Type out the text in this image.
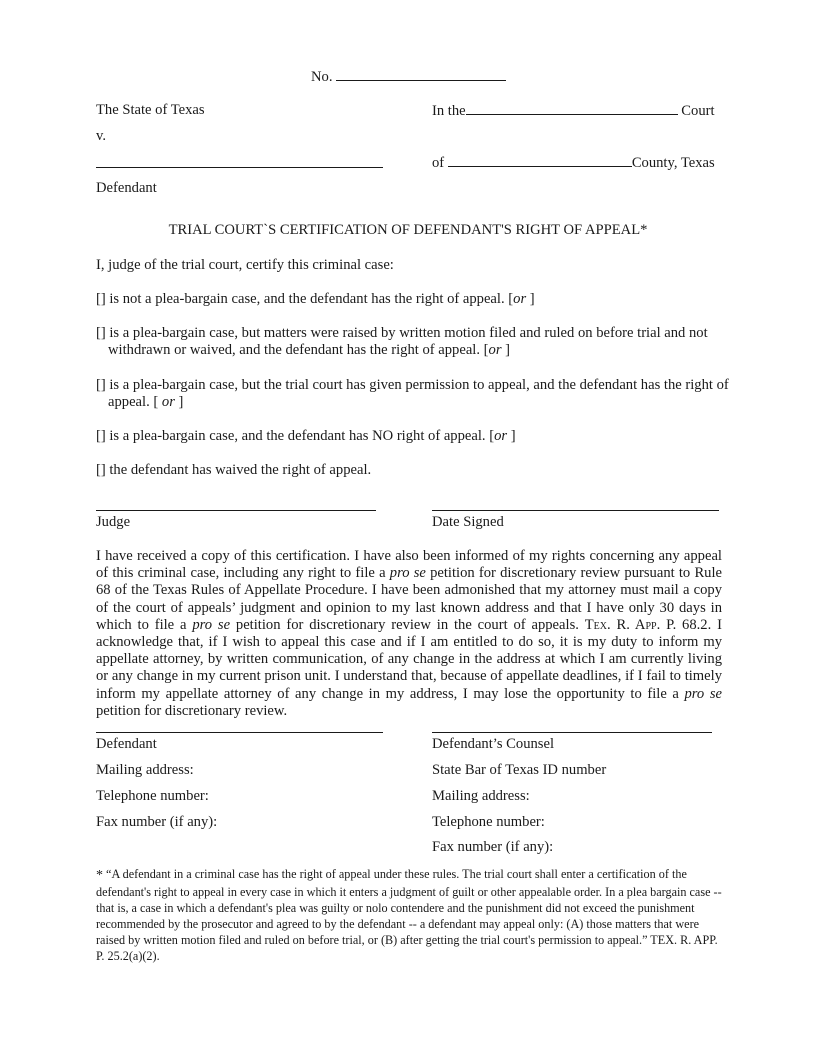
No.
The State of Texas	In the	Court
v.
of	County, Texas
Defendant
TRIAL COURT`S CERTIFICATION OF DEFENDANT'S RIGHT OF APPEAL*
I, judge of the trial court, certify this criminal case:
[] is not a plea-bargain case, and the defendant has the right of appeal. [or ]
[] is a plea-bargain case, but matters were raised by written motion filed and ruled on before trial and not withdrawn or waived, and the defendant has the right of appeal. [or ]
[] is a plea-bargain case, but the trial court has given permission to appeal, and the defendant has the right of appeal. [ or ]
[] is a plea-bargain case, and the defendant has NO right of appeal. [or ]
[] the defendant has waived the right of appeal.
Judge	Date Signed
I have received a copy of this certification. I have also been informed of my rights concerning any appeal of this criminal case, including any right to file a pro se petition for discretionary review pursuant to Rule 68 of the Texas Rules of Appellate Procedure. I have been admonished that my attorney must mail a copy of the court of appeals’ judgment and opinion to my last known address and that I have only 30 days in which to file a pro se petition for discretionary review in the court of appeals. Tex. R. App. P. 68.2. I acknowledge that, if I wish to appeal this case and if I am entitled to do so, it is my duty to inform my appellate attorney, by written communication, of any change in the address at which I am currently living or any change in my current prison unit. I understand that, because of appellate deadlines, if I fail to timely inform my appellate attorney of any change in my address, I may lose the opportunity to file a pro se petition for discretionary review.
Defendant
Mailing address:
Telephone number:
Fax number (if any):
Defendant’s Counsel
State Bar of Texas ID number
Mailing address:
Telephone number:
Fax number (if any):
* “A defendant in a criminal case has the right of appeal under these rules. The trial court shall enter a certification of the defendant's right to appeal in every case in which it enters a judgment of guilt or other appealable order. In a plea bargain case -- that is, a case in which a defendant's plea was guilty or nolo contendere and the punishment did not exceed the punishment recommended by the prosecutor and agreed to by the defendant -- a defendant may appeal only: (A) those matters that were raised by written motion filed and ruled on before trial, or (B) after getting the trial court's permission to appeal.” TEX. R. APP. P. 25.2(a)(2).
